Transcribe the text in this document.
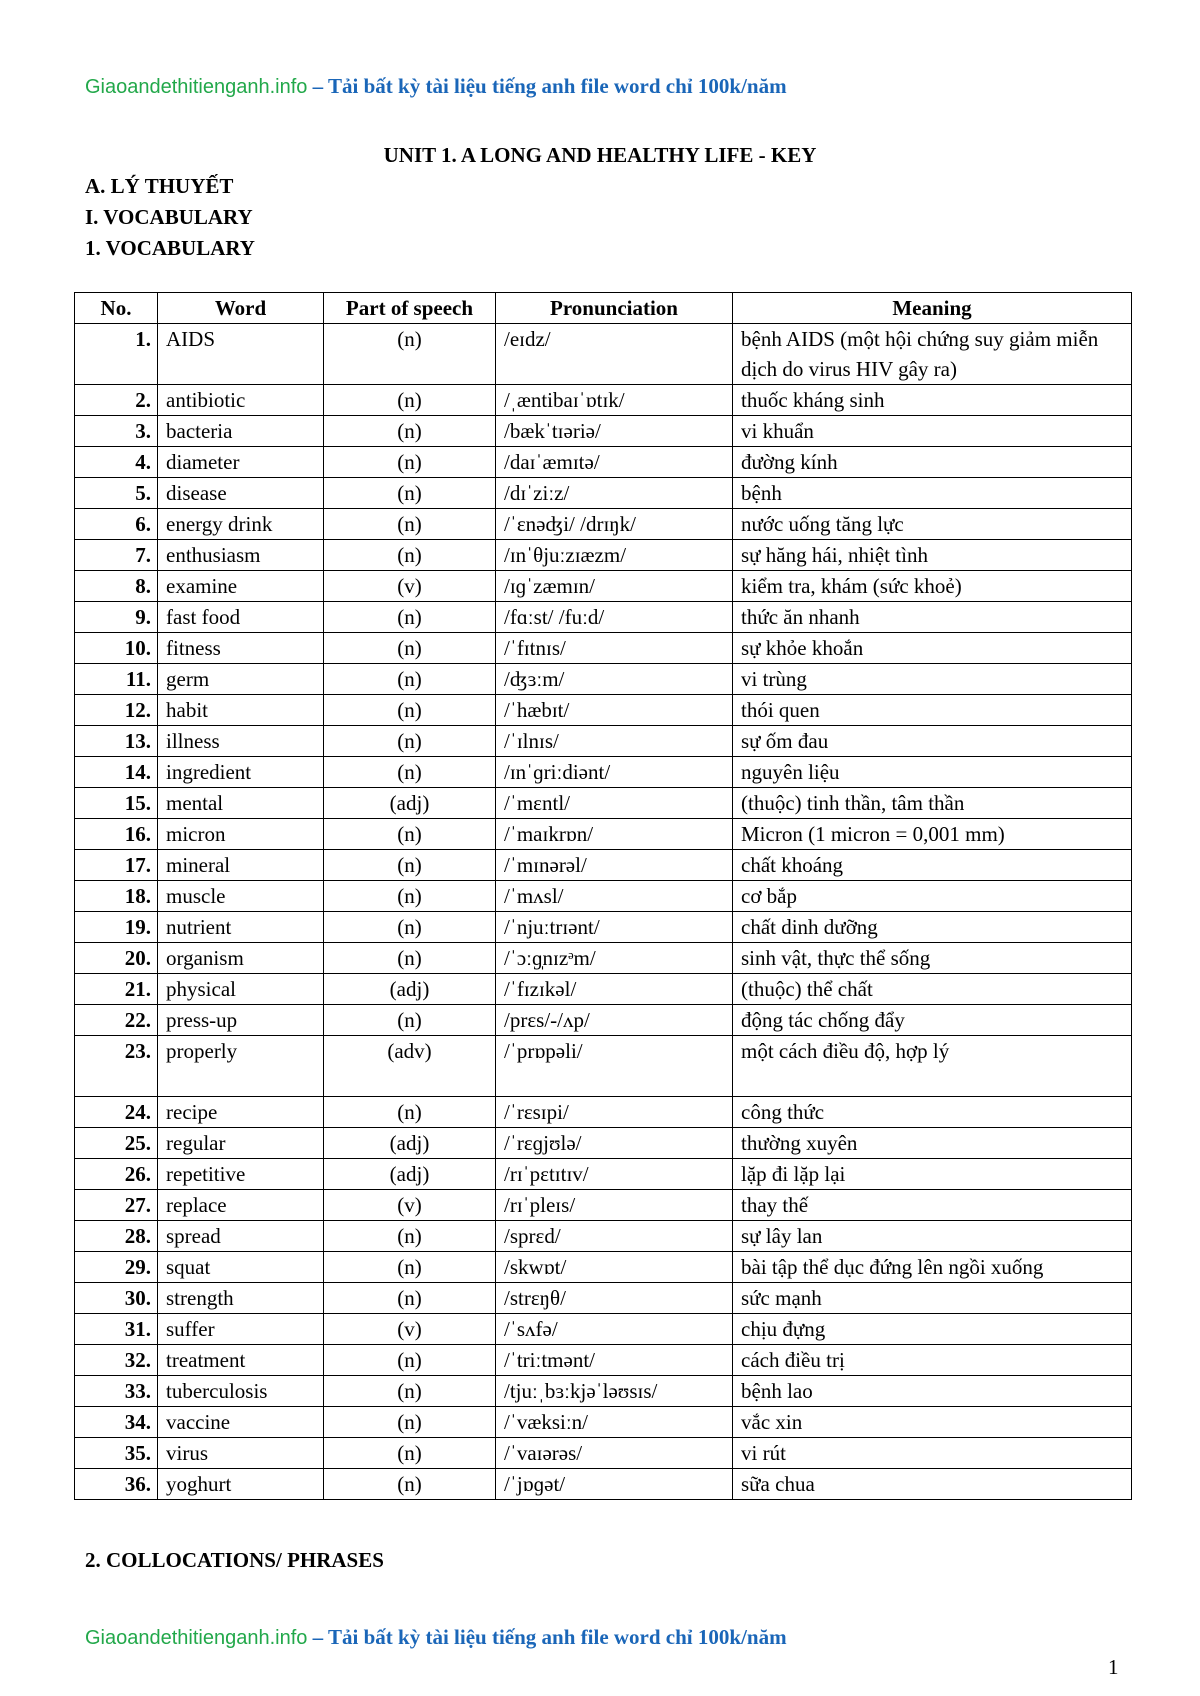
Giaoandethitienganh.info – Tải bất kỳ tài liệu tiếng anh file word chỉ 100k/năm
UNIT 1. A LONG AND HEALTHY LIFE - KEY
A. LÝ THUYẾT
I. VOCABULARY
1. VOCABULARY
No.	Word	Part of speech	Pronunciation	Meaning
1.	AIDS	(n)	/eɪdz/	bệnh AIDS (một hội chứng suy giảm miễn dịch do virus HIV gây ra)
2.	antibiotic	(n)	/ˌæntibaɪˈɒtɪk/	thuốc kháng sinh
3.	bacteria	(n)	/bækˈtɪəriə/	vi khuẩn
4.	diameter	(n)	/daɪˈæmɪtə/	đường kính
5.	disease	(n)	/dɪˈziːz/	bệnh
6.	energy drink	(n)	/ˈɛnəʤi/ /drɪŋk/	nước uống tăng lực
7.	enthusiasm	(n)	/ɪnˈθjuːzɪæzm/	sự hăng hái, nhiệt tình
8.	examine	(v)	/ɪɡˈzæmɪn/	kiểm tra, khám (sức khoẻ)
9.	fast food	(n)	/fɑːst/ /fuːd/	thức ăn nhanh
10.	fitness	(n)	/ˈfɪtnɪs/	sự khỏe khoắn
11.	germ	(n)	/ʤɜːm/	vi trùng
12.	habit	(n)	/ˈhæbɪt/	thói quen
13.	illness	(n)	/ˈɪlnɪs/	sự ốm đau
14.	ingredient	(n)	/ɪnˈɡriːdiənt/	nguyên liệu
15.	mental	(adj)	/ˈmɛntl/	(thuộc) tinh thần, tâm thần
16.	micron	(n)	/ˈmaɪkrɒn/	Micron (1 micron = 0,001 mm)
17.	mineral	(n)	/ˈmɪnərəl/	chất khoáng
18.	muscle	(n)	/ˈmʌsl/	cơ bắp
19.	nutrient	(n)	/ˈnjuːtrɪənt/	chất dinh dưỡng
20.	organism	(n)	/ˈɔːɡ̩nɪzᵊm/	sinh vật, thực thể sống
21.	physical	(adj)	/ˈfɪzɪkəl/	(thuộc) thể chất
22.	press-up	(n)	/prɛs/-/ʌp/	động tác chống đẩy
23.	properly	(adv)	/ˈprɒpəli/	một cách điều độ, hợp lý
24.	recipe	(n)	/ˈrɛsɪpi/	công thức
25.	regular	(adj)	/ˈrɛɡjʊlə/	thường xuyên
26.	repetitive	(adj)	/rɪˈpɛtɪtɪv/	lặp đi lặp lại
27.	replace	(v)	/rɪˈpleɪs/	thay thế
28.	spread	(n)	/sprɛd/	sự lây lan
29.	squat	(n)	/skwɒt/	bài tập thể dục đứng lên ngồi xuống
30.	strength	(n)	/strɛŋθ/	sức mạnh
31.	suffer	(v)	/ˈsʌfə/	chịu đựng
32.	treatment	(n)	/ˈtriːtmənt/	cách điều trị
33.	tuberculosis	(n)	/tjuːˌbɜːkjəˈləʊsɪs/	bệnh lao
34.	vaccine	(n)	/ˈvæksiːn/	vắc xin
35.	virus	(n)	/ˈvaɪərəs/	vi rút
36.	yoghurt	(n)	/ˈjɒɡət/	sữa chua
2. COLLOCATIONS/ PHRASES
Giaoandethitienganh.info – Tải bất kỳ tài liệu tiếng anh file word chỉ 100k/năm
1
